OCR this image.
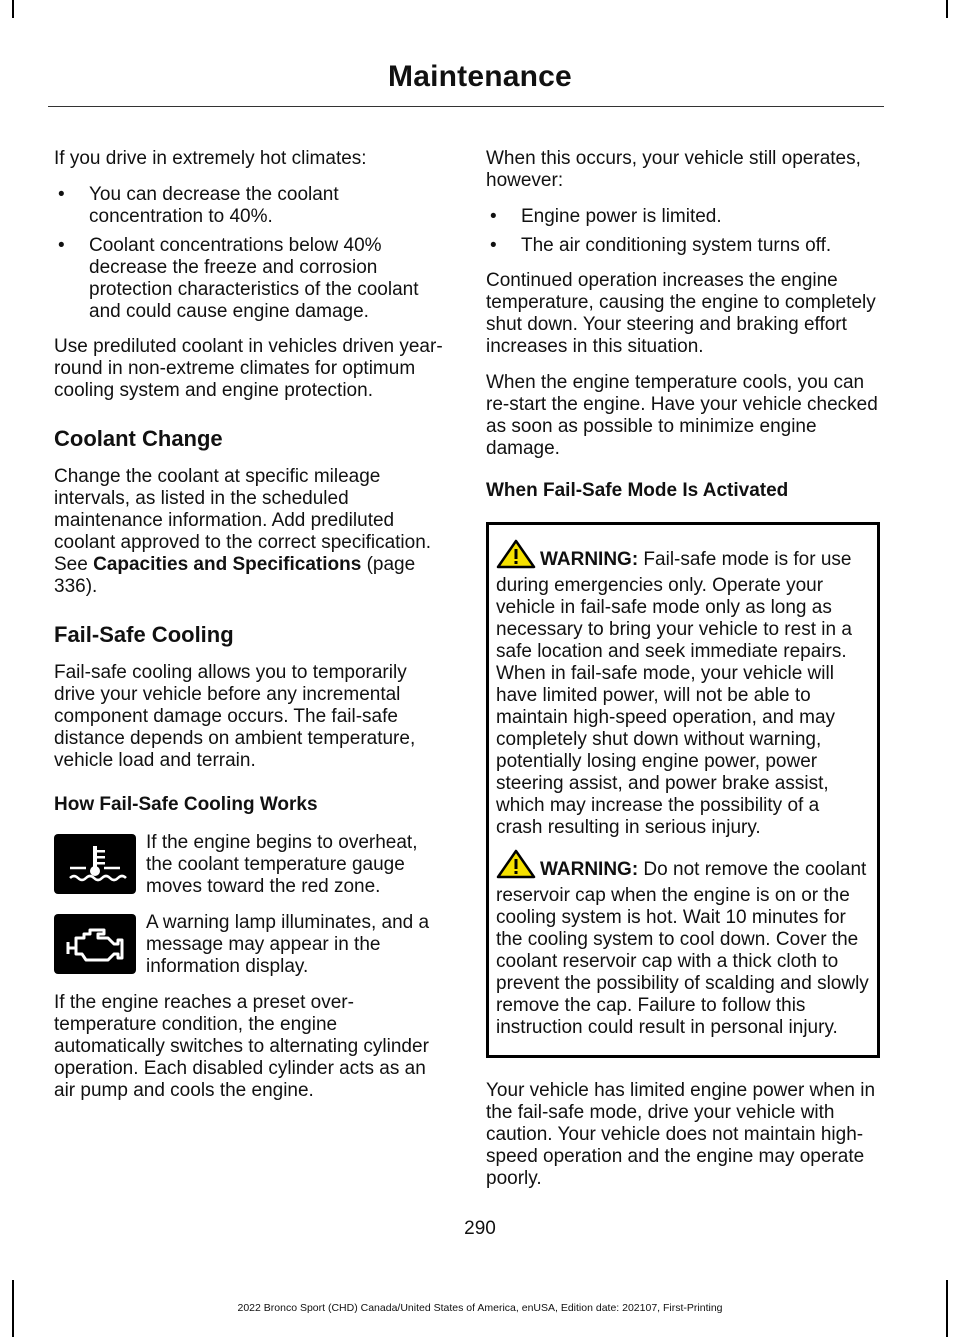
Maintenance

If you drive in extremely hot climates:

• You can decrease the coolant concentration to 40%.
• Coolant concentrations below 40% decrease the freeze and corrosion protection characteristics of the coolant and could cause engine damage.

Use prediluted coolant in vehicles driven year-round in non-extreme climates for optimum cooling system and engine protection.

Coolant Change

Change the coolant at specific mileage intervals, as listed in the scheduled maintenance information. Add prediluted coolant approved to the correct specification. See Capacities and Specifications (page 336).

Fail-Safe Cooling

Fail-safe cooling allows you to temporarily drive your vehicle before any incremental component damage occurs. The fail-safe distance depends on ambient temperature, vehicle load and terrain.

How Fail-Safe Cooling Works
If the engine begins to overheat, the coolant temperature gauge moves toward the red zone.
A warning lamp illuminates, and a message may appear in the information display.

If the engine reaches a preset over-temperature condition, the engine automatically switches to alternating cylinder operation. Each disabled cylinder acts as an air pump and cools the engine.

When this occurs, your vehicle still operates, however:

• Engine power is limited.
• The air conditioning system turns off.

Continued operation increases the engine temperature, causing the engine to completely shut down. Your steering and braking effort increases in this situation.

When the engine temperature cools, you can re-start the engine. Have your vehicle checked as soon as possible to minimize engine damage.

When Fail-Safe Mode Is Activated

WARNING: Fail-safe mode is for use during emergencies only. Operate your vehicle in fail-safe mode only as long as necessary to bring your vehicle to rest in a safe location and seek immediate repairs. When in fail-safe mode, your vehicle will have limited power, will not be able to maintain high-speed operation, and may completely shut down without warning, potentially losing engine power, power steering assist, and power brake assist, which may increase the possibility of a crash resulting in serious injury.

WARNING: Do not remove the coolant reservoir cap when the engine is on or the cooling system is hot. Wait 10 minutes for the cooling system to cool down. Cover the coolant reservoir cap with a thick cloth to prevent the possibility of scalding and slowly remove the cap. Failure to follow this instruction could result in personal injury.

Your vehicle has limited engine power when in the fail-safe mode, drive your vehicle with caution. Your vehicle does not maintain high-speed operation and the engine may operate poorly.

290
2022 Bronco Sport (CHD) Canada/United States of America, enUSA, Edition date: 202107, First-Printing
